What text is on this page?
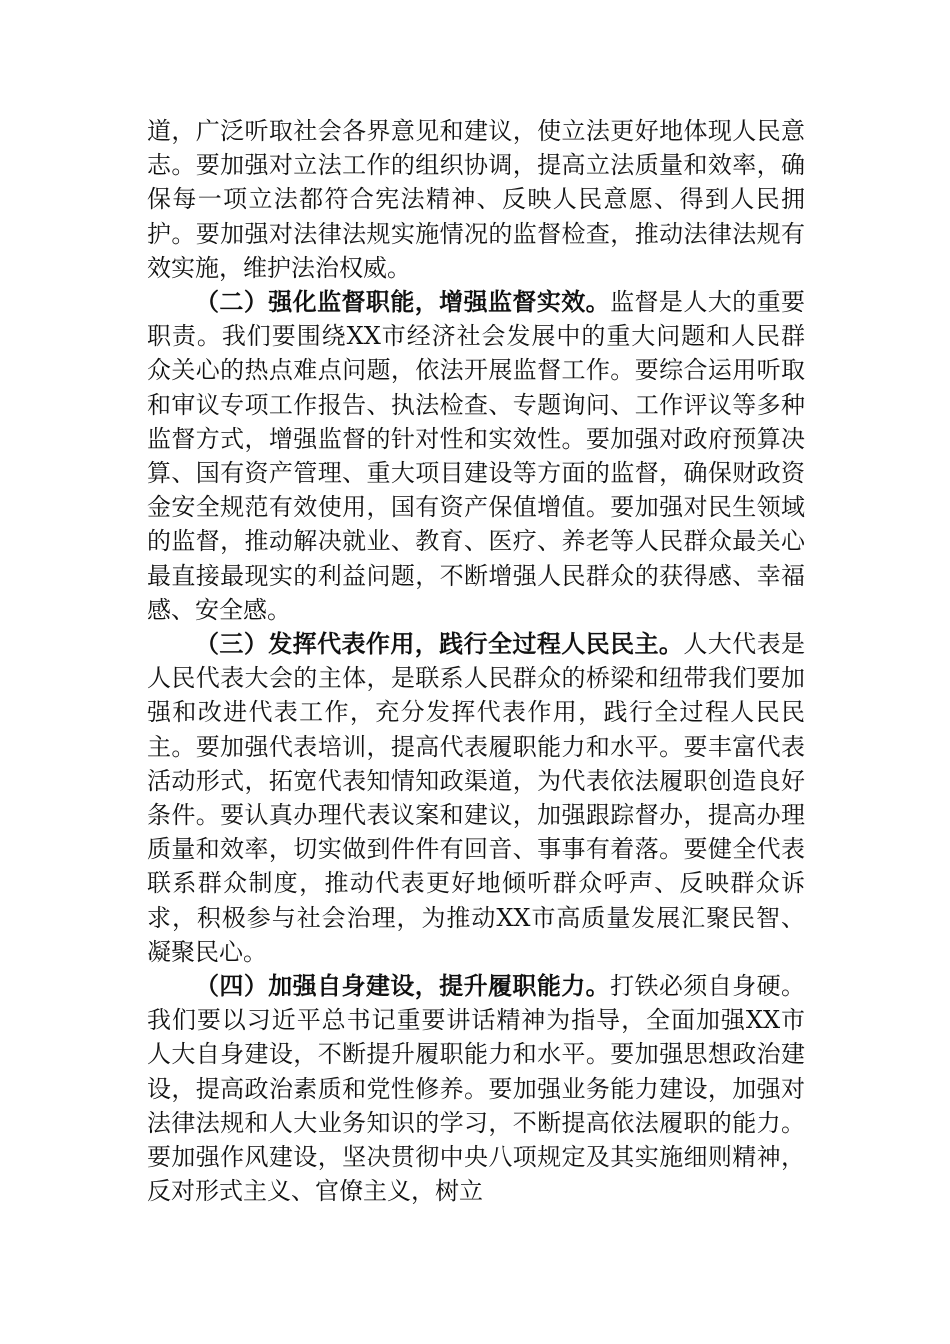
道，广泛听取社会各界意见和建议，使立法更好地体现人民意志。要加强对立法工作的组织协调，提高立法质量和效率，确保每一项立法都符合宪法精神、反映人民意愿、得到人民拥护。要加强对法律法规实施情况的监督检查，推动法律法规有效实施，维护法治权威。

（二）强化监督职能，增强监督实效。监督是人大的重要职责。我们要围绕XX市经济社会发展中的重大问题和人民群众关心的热点难点问题，依法开展监督工作。要综合运用听取和审议专项工作报告、执法检查、专题询问、工作评议等多种监督方式，增强监督的针对性和实效性。要加强对政府预算决算、国有资产管理、重大项目建设等方面的监督，确保财政资金安全规范有效使用，国有资产保值增值。要加强对民生领域的监督，推动解决就业、教育、医疗、养老等人民群众最关心最直接最现实的利益问题，不断增强人民群众的获得感、幸福感、安全感。

（三）发挥代表作用，践行全过程人民民主。人大代表是人民代表大会的主体，是联系人民群众的桥梁和纽带我们要加强和改进代表工作，充分发挥代表作用，践行全过程人民民主。要加强代表培训，提高代表履职能力和水平。要丰富代表活动形式，拓宽代表知情知政渠道，为代表依法履职创造良好条件。要认真办理代表议案和建议，加强跟踪督办，提高办理质量和效率，切实做到件件有回音、事事有着落。要健全代表联系群众制度，推动代表更好地倾听群众呼声、反映群众诉求，积极参与社会治理，为推动XX市高质量发展汇聚民智、凝聚民心。

（四）加强自身建设，提升履职能力。打铁必须自身硬。我们要以习近平总书记重要讲话精神为指导，全面加强XX市人大自身建设，不断提升履职能力和水平。要加强思想政治建设，提高政治素质和党性修养。要加强业务能力建设，加强对法律法规和人大业务知识的学习，不断提高依法履职的能力。要加强作风建设，坚决贯彻中央八项规定及其实施细则精神，反对形式主义、官僚主义，树立
